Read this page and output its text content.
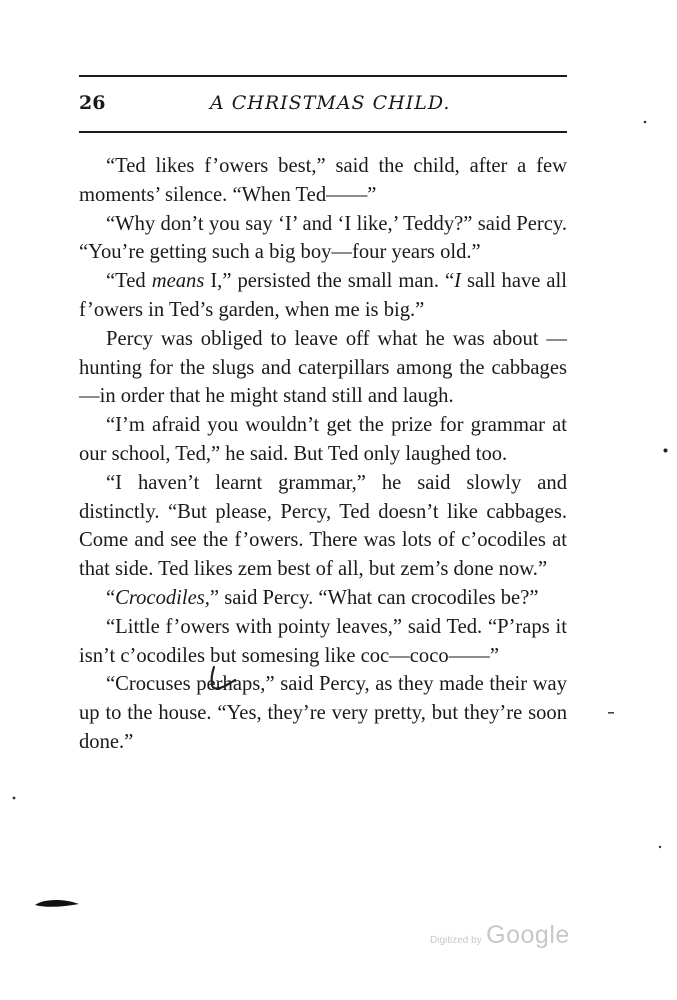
26	A CHRISTMAS CHILD.

“Ted likes f’owers best,” said the child, after a few moments’ silence. “When Ted——”

“Why don’t you say ‘I’ and ‘I like,’ Teddy?” said Percy. “You’re getting such a big boy—four years old.”

“Ted means I,” persisted the small man. “I sall have all f’owers in Ted’s garden, when me is big.”

Percy was obliged to leave off what he was about —hunting for the slugs and caterpillars among the cabbages—in order that he might stand still and laugh.

“I’m afraid you wouldn’t get the prize for grammar at our school, Ted,” he said. But Ted only laughed too.

“I haven’t learnt grammar,” he said slowly and distinctly. “But please, Percy, Ted doesn’t like cabbages. Come and see the f’owers. There was lots of c’ocodiles at that side. Ted likes zem best of all, but zem’s done now.”

“Crocodiles,” said Percy. “What can crocodiles be?”

“Little f’owers with pointy leaves,” said Ted. “P’raps it isn’t c’ocodiles but somesing like coc—coco——”

“Crocuses perhaps,” said Percy, as they made their way up to the house. “Yes, they’re very pretty, but they’re soon done.”

Digitized by Google
